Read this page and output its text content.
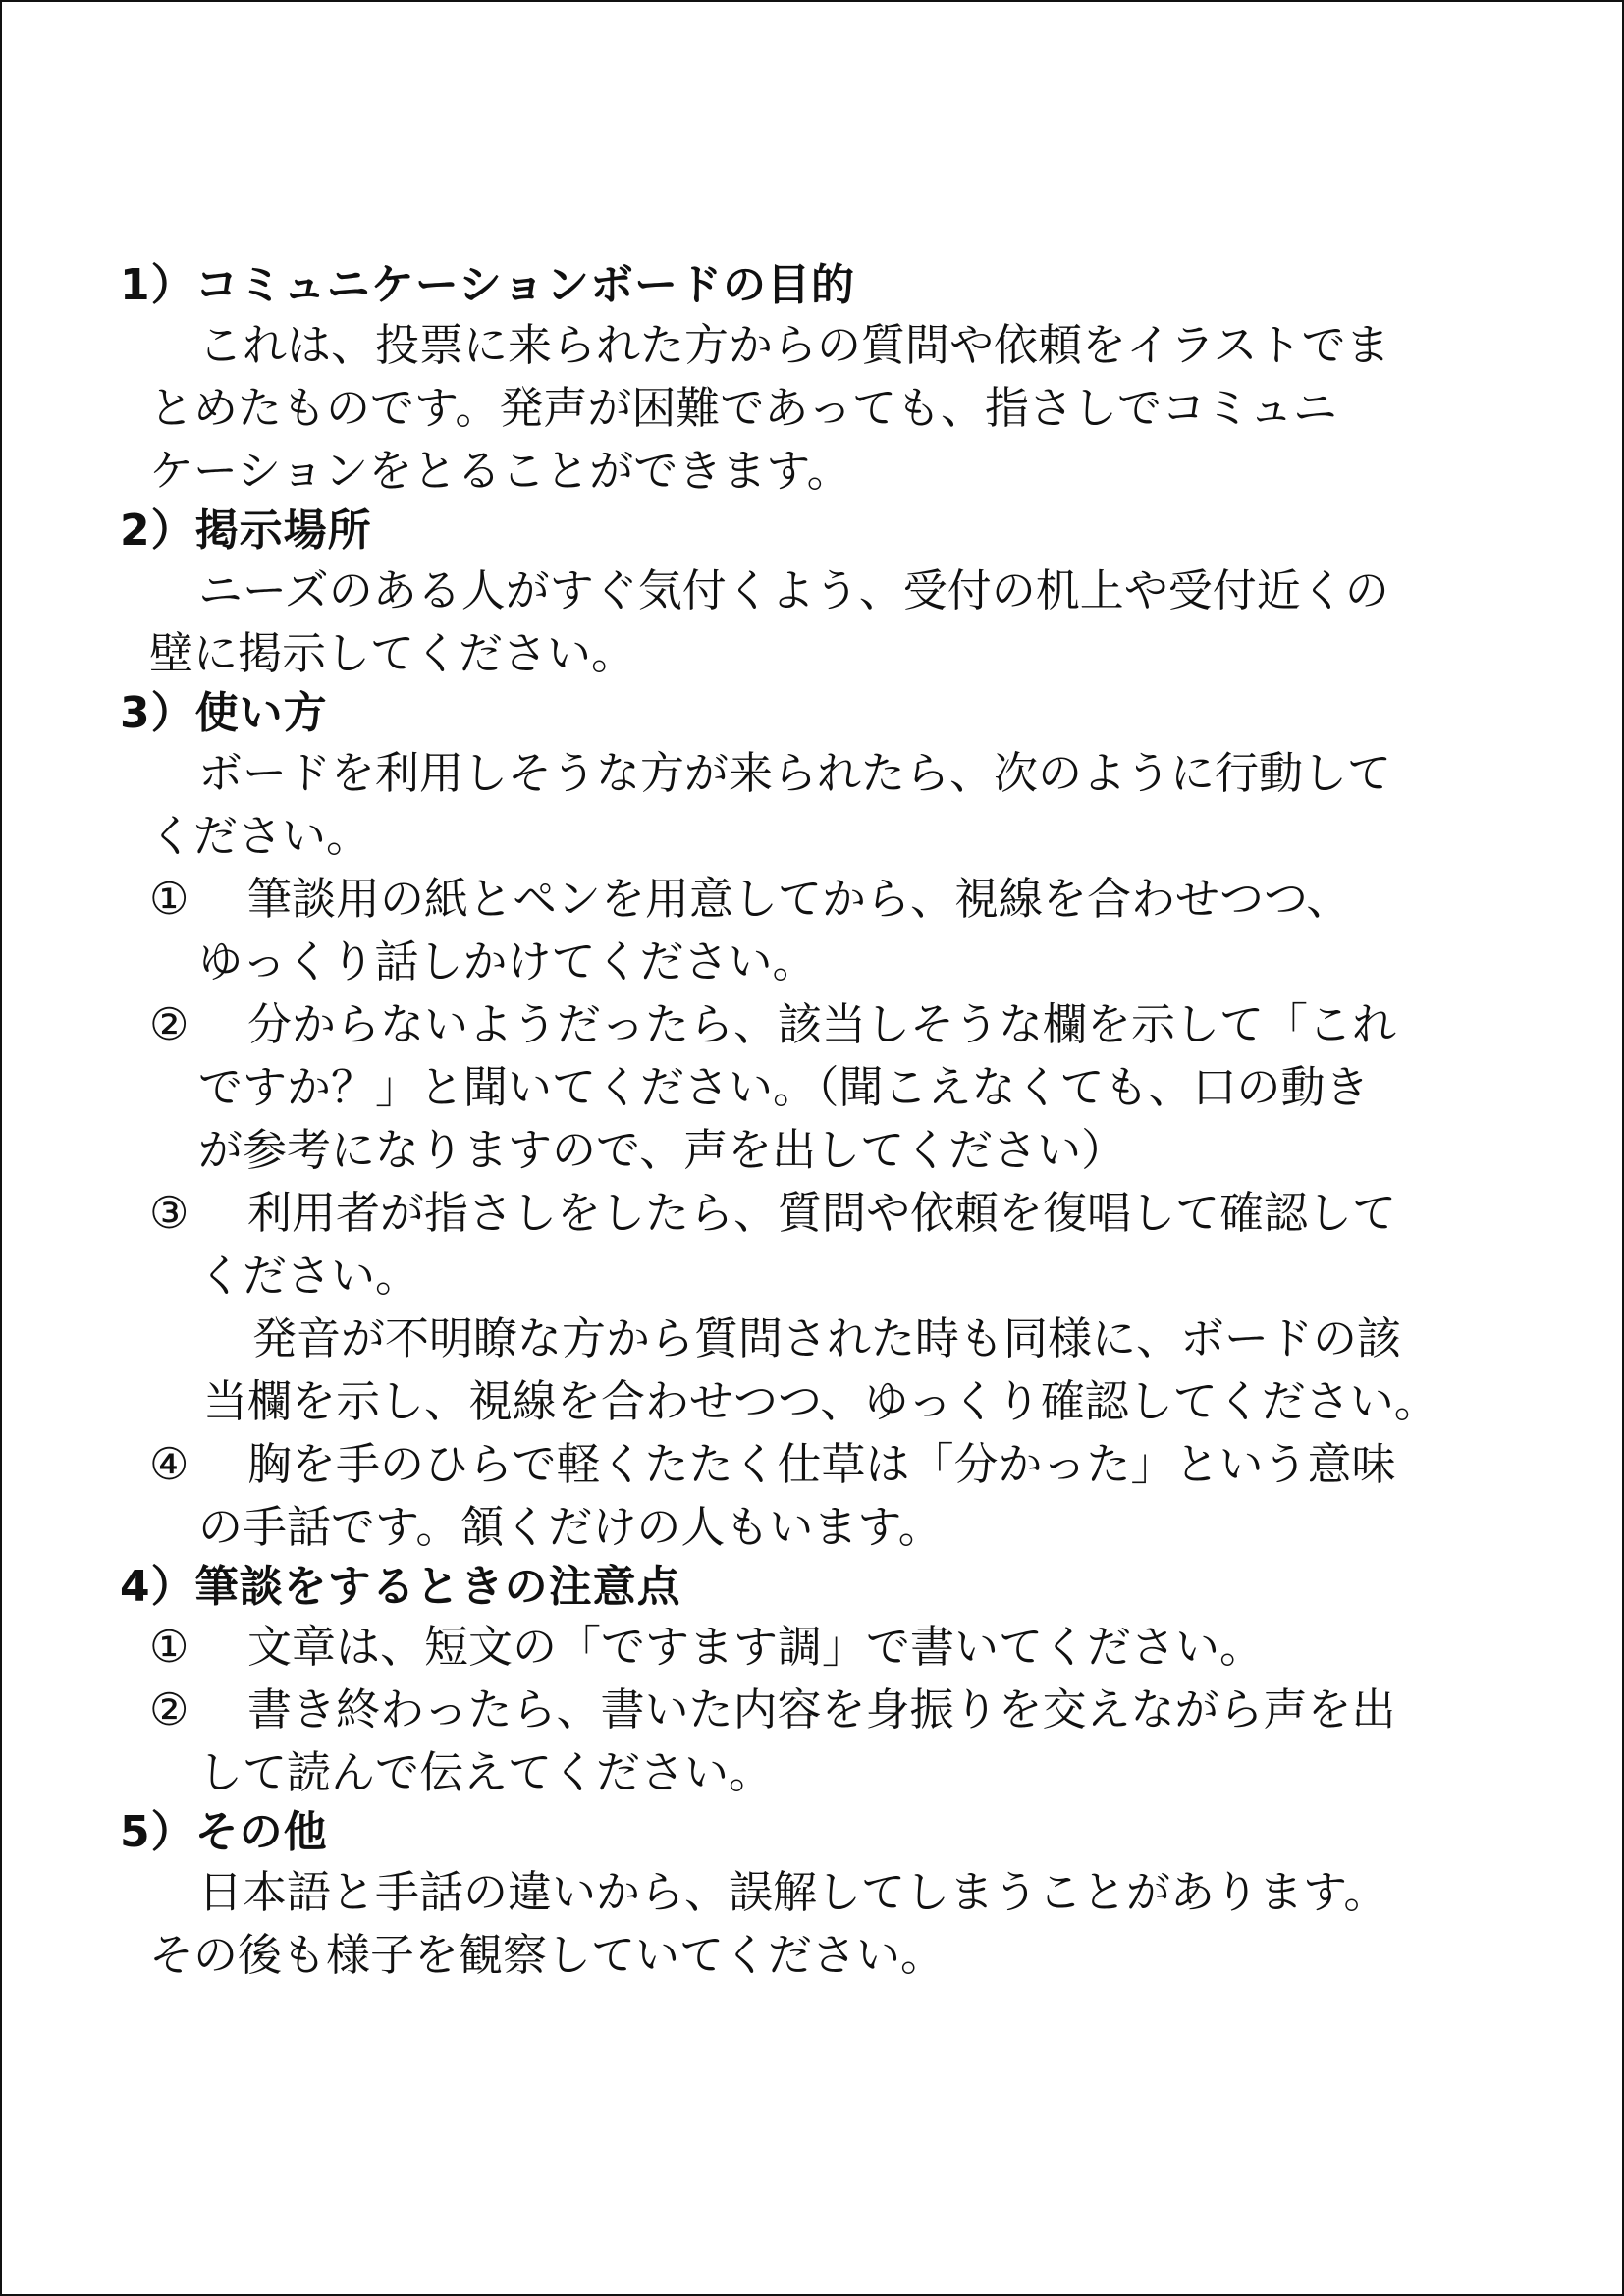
1）コミュニケーションボードの目的
これは、投票に来られた方からの質問や依頼をイラストでま
とめたものです。発声が困難であっても、指さしでコミュニ
ケーションをとることができます。
2）掲示場所
ニーズのある人がすぐ気付くよう、受付の机上や受付近くの
壁に掲示してください。
3）使い方
ボードを利用しそうな方が来られたら、次のように行動して
ください。
① 筆談用の紙とペンを用意してから、視線を合わせつつ、
ゆっくり話しかけてください。
② 分からないようだったら、該当しそうな欄を示して「これ
ですか？」と聞いてください。（聞こえなくても、口の動き
が参考になりますので、声を出してください）
③ 利用者が指さしをしたら、質問や依頼を復唱して確認して
ください。
発音が不明瞭な方から質問された時も同様に、ボードの該
当欄を示し、視線を合わせつつ、ゆっくり確認してください。
④ 胸を手のひらで軽くたたく仕草は「分かった」という意味
の手話です。頷くだけの人もいます。
4）筆談をするときの注意点
① 文章は、短文の「ですます調」で書いてください。
② 書き終わったら、書いた内容を身振りを交えながら声を出
して読んで伝えてください。
5）その他
日本語と手話の違いから、誤解してしまうことがあります。
その後も様子を観察していてください。
